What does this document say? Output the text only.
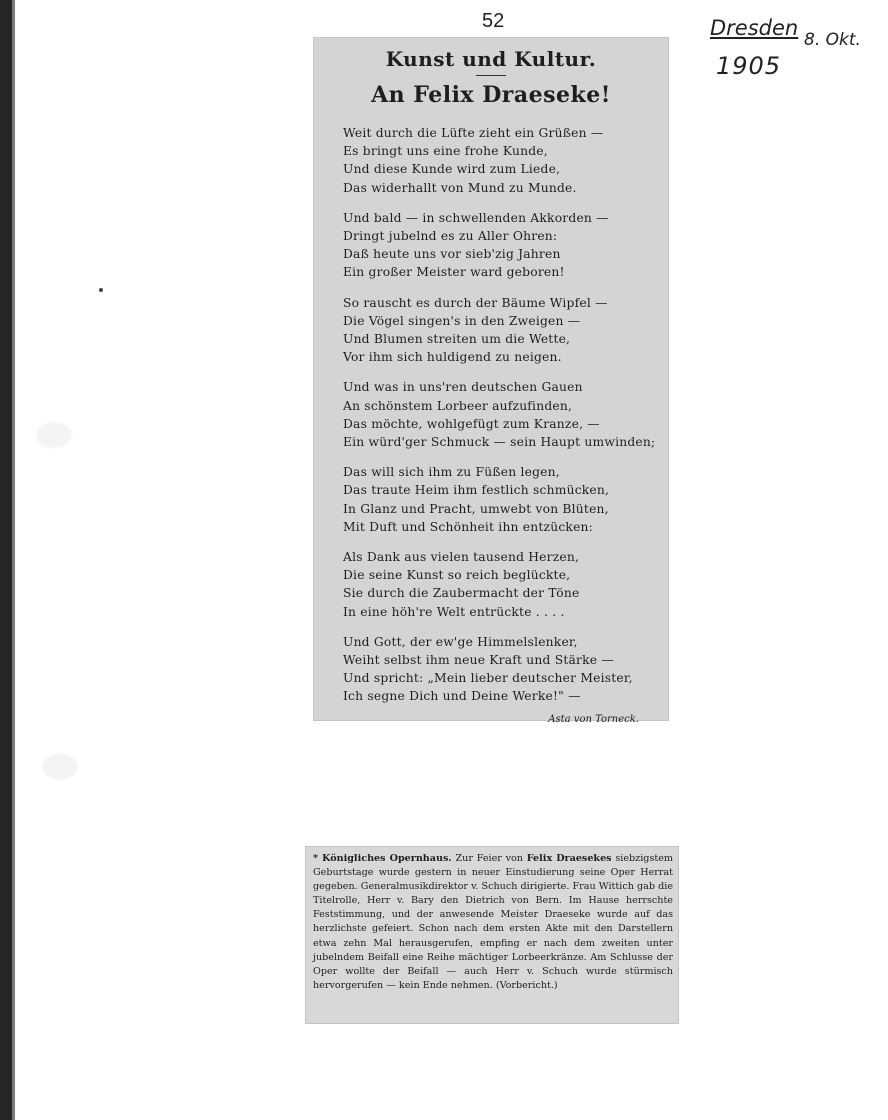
52	Dresden 8. Okt.
1905
Kunst und Kultur.
An Felix Draeseke!
Weit durch die Lüfte zieht ein Grüßen —
Es bringt uns eine frohe Kunde,
Und diese Kunde wird zum Liede,
Das widerhallt von Mund zu Munde.
Und bald — in schwellenden Akkorden —
Dringt jubelnd es zu Aller Ohren:
Daß heute uns vor sieb'zig Jahren
Ein großer Meister ward geboren!
So rauscht es durch der Bäume Wipfel —
Die Vögel singen's in den Zweigen —
Und Blumen streiten um die Wette,
Vor ihm sich huldigend zu neigen.
Und was in uns'ren deutschen Gauen
An schönstem Lorbeer aufzufinden,
Das möchte, wohlgefügt zum Kranze, —
Ein würd'ger Schmuck — sein Haupt umwinden;
Das will sich ihm zu Füßen legen,
Das traute Heim ihm festlich schmücken,
In Glanz und Pracht, umwebt von Blüten,
Mit Duft und Schönheit ihn entzücken:
Als Dank aus vielen tausend Herzen,
Die seine Kunst so reich beglückte,
Sie durch die Zaubermacht der Töne
In eine höh're Welt entrückte . . . .
Und Gott, der ew'ge Himmelslenker,
Weiht selbst ihm neue Kraft und Stärke —
Und spricht: „Mein lieber deutscher Meister,
Ich segne Dich und Deine Werke!" —
Asta von Torneck.

* Königliches Opernhaus. Zur Feier von Felix Draesekes siebzigstem Geburtstage wurde gestern in neuer Einstudierung seine Oper Herrat gegeben. Generalmusikdirektor v. Schuch dirigierte. Frau Wittich gab die Titelrolle, Herr v. Bary den Dietrich von Bern. Im Hause herrschte Feststimmung, und der anwesende Meister Draeseke wurde auf das herzlichste gefeiert. Schon nach dem ersten Akte mit den Darstellern etwa zehn Mal herausgerufen, empfing er nach dem zweiten unter jubelndem Beifall eine Reihe mächtiger Lorbeerkränze. Am Schlusse der Oper wollte der Beifall — auch Herr v. Schuch wurde stürmisch hervorgerufen — kein Ende nehmen. (Vorbericht.)
